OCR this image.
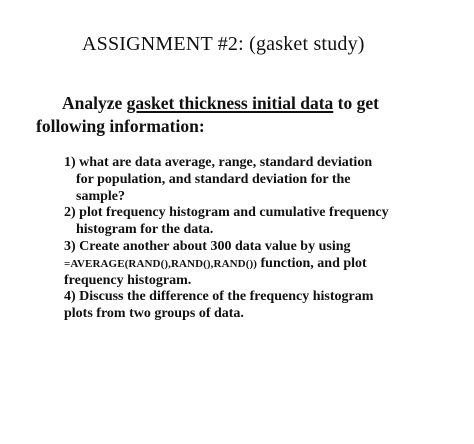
ASSIGNMENT #2: (gasket study)
Analyze gasket thickness initial data to get
following information:
1) what are data average, range, standard deviation
for population, and standard deviation for the
sample?
2) plot frequency histogram and cumulative frequency
histogram for the data.
3) Create another about 300 data value by using
=AVERAGE(RAND(),RAND(),RAND()) function, and plot
frequency histogram.
4) Discuss the difference of the frequency histogram
plots from two groups of data.
